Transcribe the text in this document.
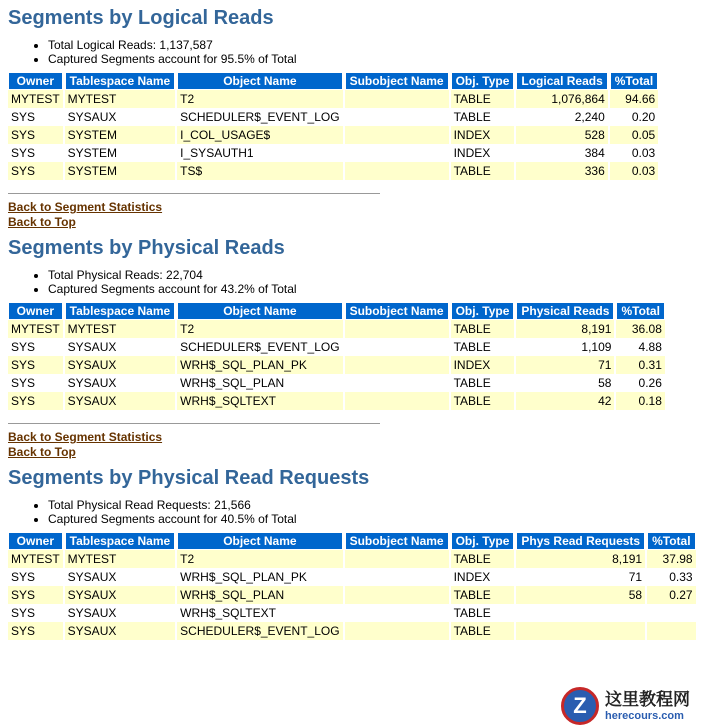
Segments by Logical Reads
• Total Logical Reads: 1,137,587
• Captured Segments account for 95.5% of Total
Owner	Tablespace Name	Object Name	Subobject Name	Obj. Type	Logical Reads	%Total
MYTEST	MYTEST	T2		TABLE	1,076,864	94.66
SYS	SYSAUX	SCHEDULER$_EVENT_LOG		TABLE	2,240	0.20
SYS	SYSTEM	I_COL_USAGE$		INDEX	528	0.05
SYS	SYSTEM	I_SYSAUTH1		INDEX	384	0.03
SYS	SYSTEM	TS$		TABLE	336	0.03
Back to Segment Statistics
Back to Top
Segments by Physical Reads
• Total Physical Reads: 22,704
• Captured Segments account for 43.2% of Total
Owner	Tablespace Name	Object Name	Subobject Name	Obj. Type	Physical Reads	%Total
MYTEST	MYTEST	T2		TABLE	8,191	36.08
SYS	SYSAUX	SCHEDULER$_EVENT_LOG		TABLE	1,109	4.88
SYS	SYSAUX	WRH$_SQL_PLAN_PK		INDEX	71	0.31
SYS	SYSAUX	WRH$_SQL_PLAN		TABLE	58	0.26
SYS	SYSAUX	WRH$_SQLTEXT		TABLE	42	0.18
Back to Segment Statistics
Back to Top
Segments by Physical Read Requests
• Total Physical Read Requests: 21,566
• Captured Segments account for 40.5% of Total
Owner	Tablespace Name	Object Name	Subobject Name	Obj. Type	Phys Read Requests	%Total
MYTEST	MYTEST	T2		TABLE	8,191	37.98
SYS	SYSAUX	WRH$_SQL_PLAN_PK		INDEX	71	0.33
SYS	SYSAUX	WRH$_SQL_PLAN		TABLE	58	0.27
SYS	SYSAUX	WRH$_SQLTEXT		TABLE		
SYS	SYSAUX	SCHEDULER$_EVENT_LOG		TABLE		
Z	这里教程网
herecours.com
